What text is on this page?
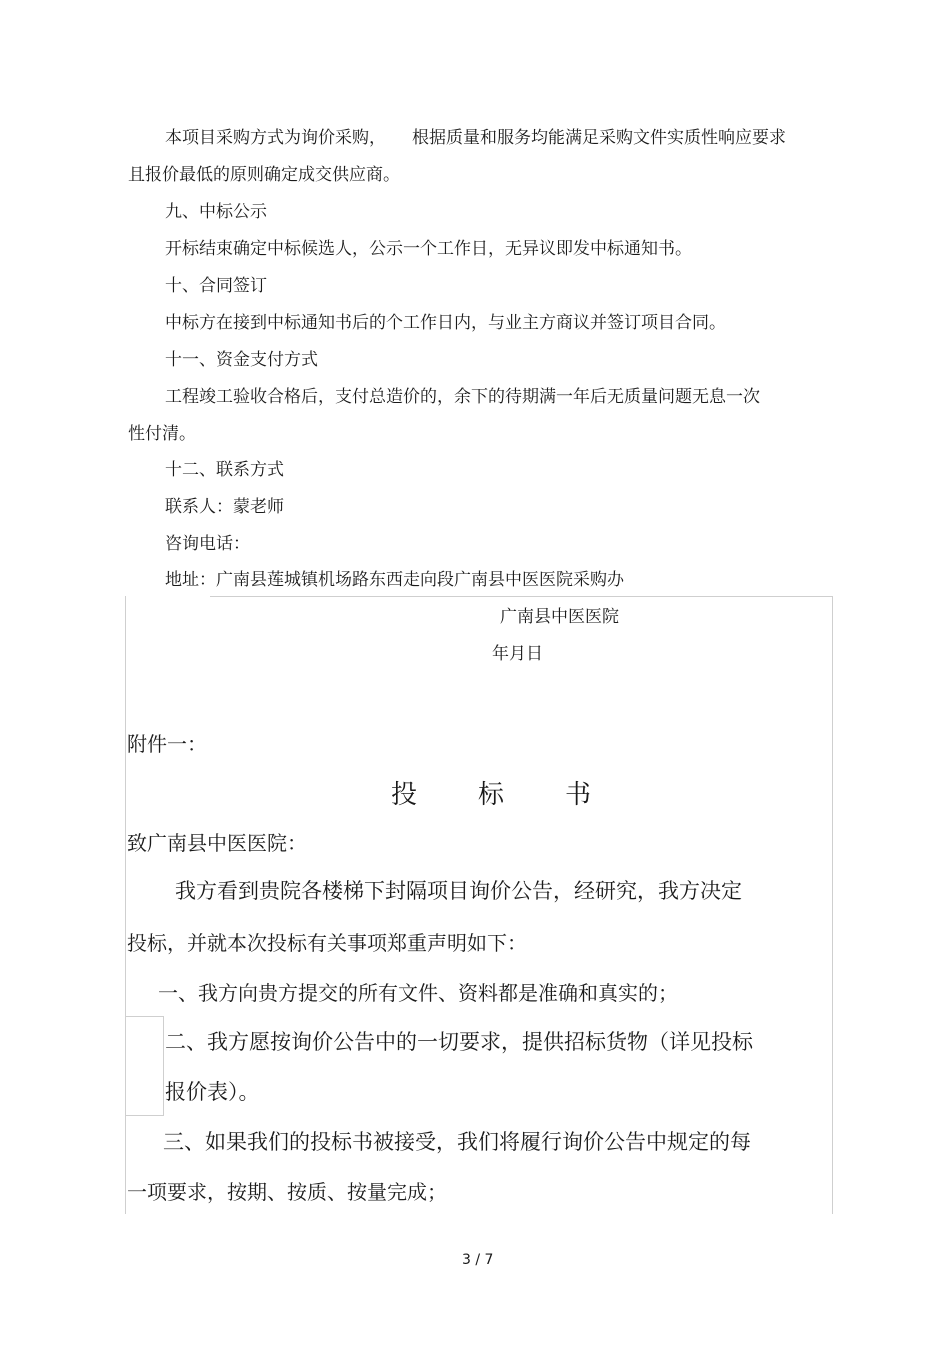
本项目采购方式为询价采购， 根据质量和服务均能满足采购文件实质性响应要求
且报价最低的原则确定成交供应商。
九、中标公示
开标结束确定中标候选人，公示一个工作日，无异议即发中标通知书。
十、合同签订
中标方在接到中标通知书后的个工作日内，与业主方商议并签订项目合同。
十一、资金支付方式
工程竣工验收合格后，支付总造价的，余下的待期满一年后无质量问题无息一次
性付清。
十二、联系方式
联系人：蒙老师
咨询电话：
地址：广南县莲城镇机场路东西走向段广南县中医医院采购办
广南县中医医院
年月日
附件一：
投 标 书
致广南县中医医院：
我方看到贵院各楼梯下封隔项目询价公告，经研究，我方决定
投标，并就本次投标有关事项郑重声明如下：
一、我方向贵方提交的所有文件、资料都是准确和真实的；
二、我方愿按询价公告中的一切要求，提供招标货物（详见投标
报价表）。
三、如果我们的投标书被接受，我们将履行询价公告中规定的每
一项要求，按期、按质、按量完成；
3 / 7
